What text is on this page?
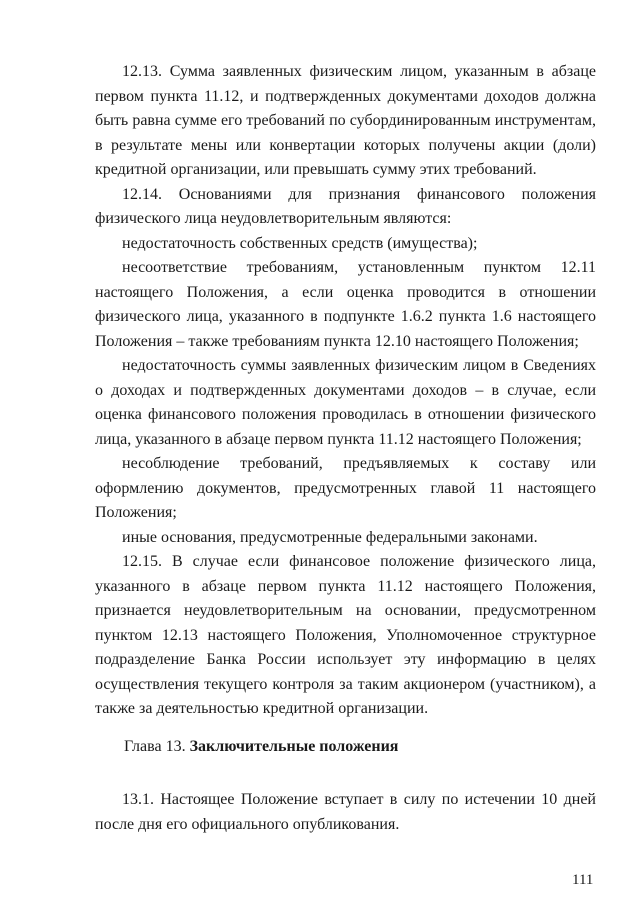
12.13. Сумма заявленных физическим лицом, указанным в абзаце первом пункта 11.12, и подтвержденных документами доходов должна быть равна сумме его требований по субординированным инструментам, в результате мены или конвертации которых получены акции (доли) кредитной организации, или превышать сумму этих требований.

12.14. Основаниями для признания финансового положения физического лица неудовлетворительным являются:

недостаточность собственных средств (имущества);

несоответствие требованиям, установленным пунктом 12.11 настоящего Положения, а если оценка проводится в отношении физического лица, указанного в подпункте 1.6.2 пункта 1.6 настоящего Положения – также требованиям пункта 12.10 настоящего Положения;

недостаточность суммы заявленных физическим лицом в Сведениях о доходах и подтвержденных документами доходов – в случае, если оценка финансового положения проводилась в отношении физического лица, указанного в абзаце первом пункта 11.12 настоящего Положения;

несоблюдение требований, предъявляемых к составу или оформлению документов, предусмотренных главой 11 настоящего Положения;

иные основания, предусмотренные федеральными законами.

12.15. В случае если финансовое положение физического лица, указанного в абзаце первом пункта 11.12 настоящего Положения, признается неудовлетворительным на основании, предусмотренном пунктом 12.13 настоящего Положения, Уполномоченное структурное подразделение Банка России использует эту информацию в целях осуществления текущего контроля за таким акционером (участником), а также за деятельностью кредитной организации.

Глава 13. Заключительные положения

13.1. Настоящее Положение вступает в силу по истечении 10 дней после дня его официального опубликования.

111
